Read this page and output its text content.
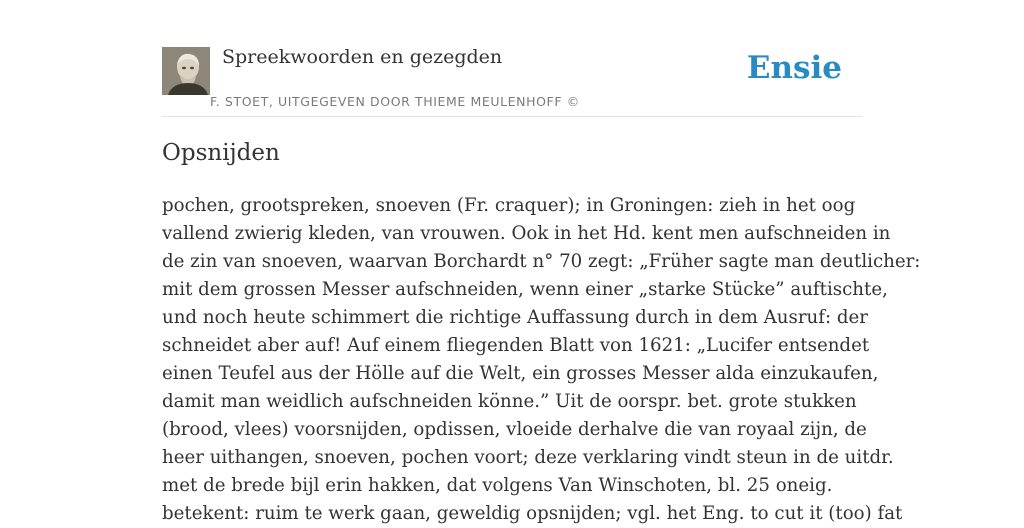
Spreekwoorden en gezegden
F. STOET, UITGEGEVEN DOOR THIEME MEULENHOFF ©
Ensie
Opsnijden
pochen, grootspreken, snoeven (Fr. craquer); in Groningen: zieh in het oog
vallend zwierig kleden, van vrouwen. Ook in het Hd. kent men aufschneiden in
de zin van snoeven, waarvan Borchardt n° 70 zegt: „Früher sagte man deutlicher:
mit dem grossen Messer aufschneiden, wenn einer „starke Stücke” auftischte,
und noch heute schimmert die richtige Auffassung durch in dem Ausruf: der
schneidet aber auf! Auf einem fliegenden Blatt von 1621: „Lucifer entsendet
einen Teufel aus der Hölle auf die Welt, ein grosses Messer alda einzukaufen,
damit man weidlich aufschneiden könne.” Uit de oorspr. bet. grote stukken
(brood, vlees) voorsnijden, opdissen, vloeide derhalve die van royaal zijn, de
heer uithangen, snoeven, pochen voort; deze verklaring vindt steun in de uitdr.
met de brede bijl erin hakken, dat volgens Van Winschoten, bl. 25 oneig.
betekent: ruim te werk gaan, geweldig opsnijden; vgl. het Eng. to cut it (too) fat
